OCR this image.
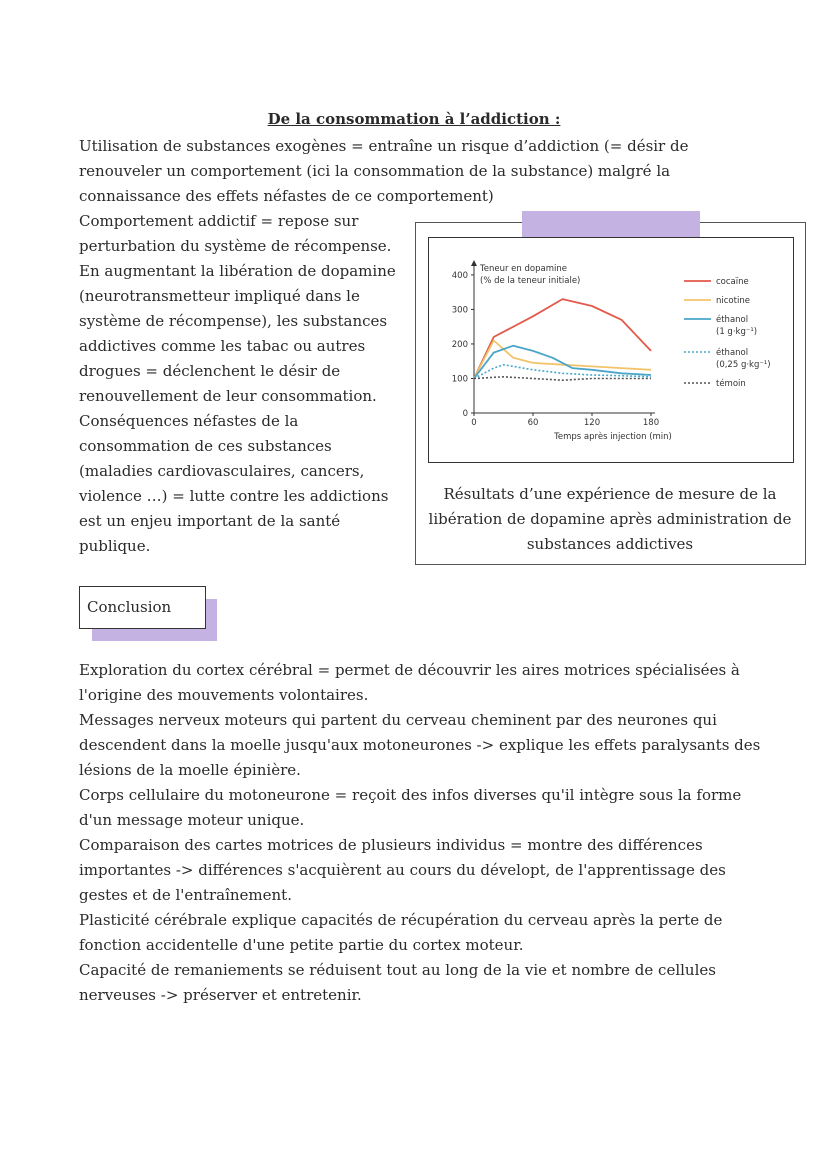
De la consommation à l’addiction :
Utilisation de substances exogènes = entraîne un risque d’addiction (= désir de
renouveler un comportement (ici la consommation de la substance) malgré la
connaissance des effets néfastes de ce comportement)
Comportement addictif = repose sur
perturbation du système de récompense.
En augmentant la libération de dopamine
(neurotransmetteur impliqué dans le
système de récompense), les substances
addictives comme les tabac ou autres
drogues = déclenchent le désir de
renouvellement de leur consommation.
Conséquences néfastes de la
consommation de ces substances
(maladies cardiovasculaires, cancers,
violence …) = lutte contre les addictions
est un enjeu important de la santé
publique.
0
100
200
300
400
0	60	120	180
Teneur en dopamine
(% de la teneur initiale)
Temps après injection (min)
cocaïne
nicotine
éthanol
(1 g·kg⁻¹)
éthanol
(0,25 g·kg⁻¹)
témoin
Résultats d’une expérience de mesure de la
libération de dopamine après administration de
substances addictives
Conclusion
Exploration du cortex cérébral = permet de découvrir les aires motrices spécialisées à
l'origine des mouvements volontaires.
Messages nerveux moteurs qui partent du cerveau cheminent par des neurones qui
descendent dans la moelle jusqu'aux motoneurones -> explique les effets paralysants des
lésions de la moelle épinière.
Corps cellulaire du motoneurone = reçoit des infos diverses qu'il intègre sous la forme
d'un message moteur unique.
Comparaison des cartes motrices de plusieurs individus = montre des différences
importantes -> différences s'acquièrent au cours du dévelopt, de l'apprentissage des
gestes et de l'entraînement.
Plasticité cérébrale explique capacités de récupération du cerveau après la perte de
fonction accidentelle d'une petite partie du cortex moteur.
Capacité de remaniements se réduisent tout au long de la vie et nombre de cellules
nerveuses -> préserver et entretenir.
